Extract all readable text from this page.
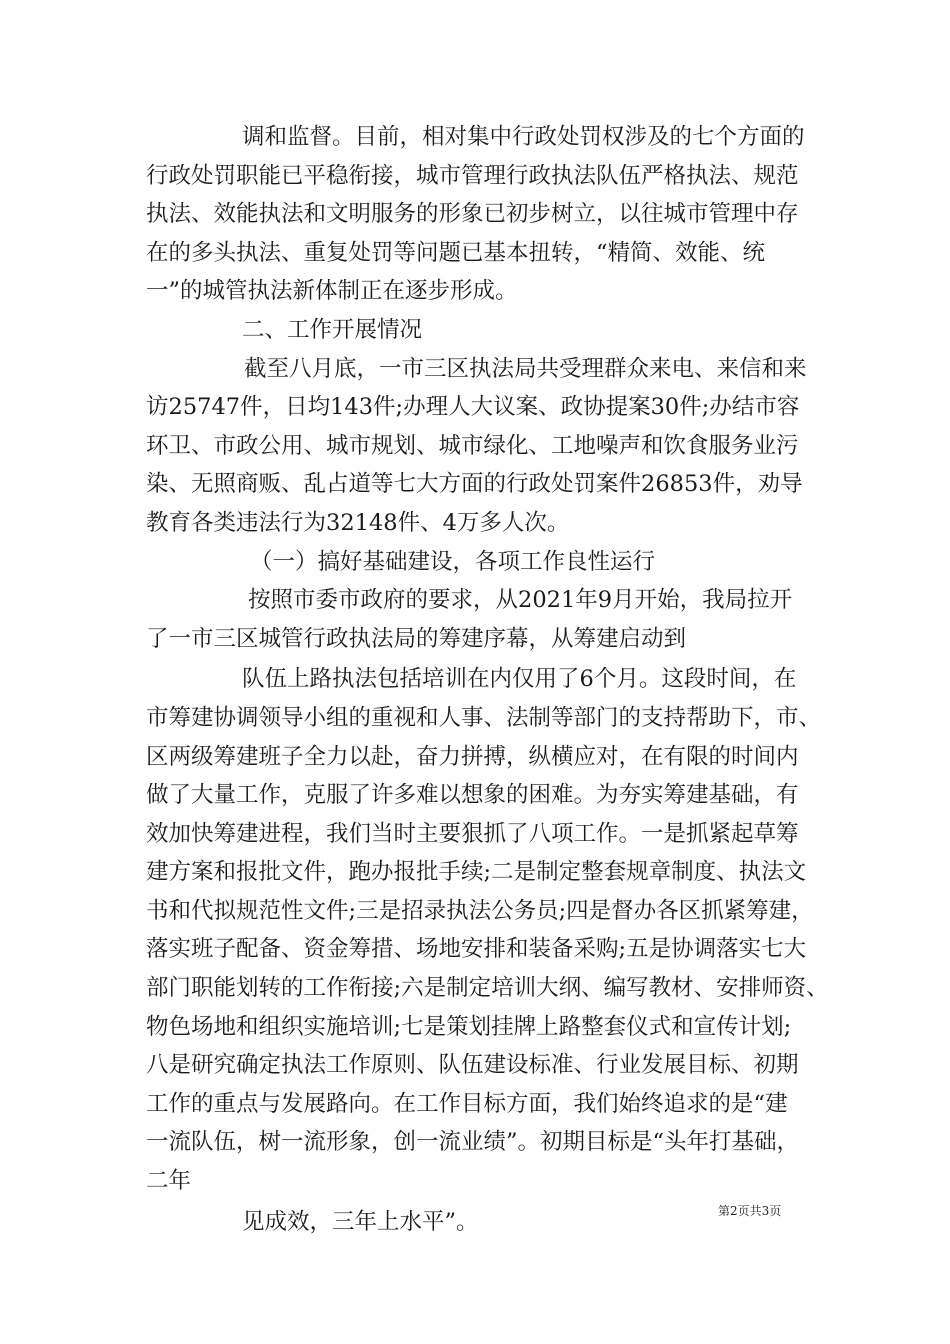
调和监督。目前，相对集中行政处罚权涉及的七个方面的
行政处罚职能已平稳衔接，城市管理行政执法队伍严格执法、规范
执法、效能执法和文明服务的形象已初步树立，以往城市管理中存
在的多头执法、重复处罚等问题已基本扭转，“精简、效能、统
一”的城管执法新体制正在逐步形成。
二、工作开展情况
截至八月底，一市三区执法局共受理群众来电、来信和来
访25747件，日均143件;办理人大议案、政协提案30件;办结市容
环卫、市政公用、城市规划、城市绿化、工地噪声和饮食服务业污
染、无照商贩、乱占道等七大方面的行政处罚案件26853件，劝导
教育各类违法行为32148件、4万多人次。
（一）搞好基础建设，各项工作良性运行
按照市委市政府的要求，从2021年9月开始，我局拉开
了一市三区城管行政执法局的筹建序幕，从筹建启动到
队伍上路执法包括培训在内仅用了6个月。这段时间，在
市筹建协调领导小组的重视和人事、法制等部门的支持帮助下，市、
区两级筹建班子全力以赴，奋力拼搏，纵横应对，在有限的时间内
做了大量工作，克服了许多难以想象的困难。为夯实筹建基础，有
效加快筹建进程，我们当时主要狠抓了八项工作。一是抓紧起草筹
建方案和报批文件，跑办报批手续;二是制定整套规章制度、执法文
书和代拟规范性文件;三是招录执法公务员;四是督办各区抓紧筹建，
落实班子配备、资金筹措、场地安排和装备采购;五是协调落实七大
部门职能划转的工作衔接;六是制定培训大纲、编写教材、安排师资、
物色场地和组织实施培训;七是策划挂牌上路整套仪式和宣传计划;
八是研究确定执法工作原则、队伍建设标准、行业发展目标、初期
工作的重点与发展路向。在工作目标方面，我们始终追求的是“建
一流队伍，树一流形象，创一流业绩”。初期目标是“头年打基础，
二年
见成效，三年上水平”。	第2页共3页
